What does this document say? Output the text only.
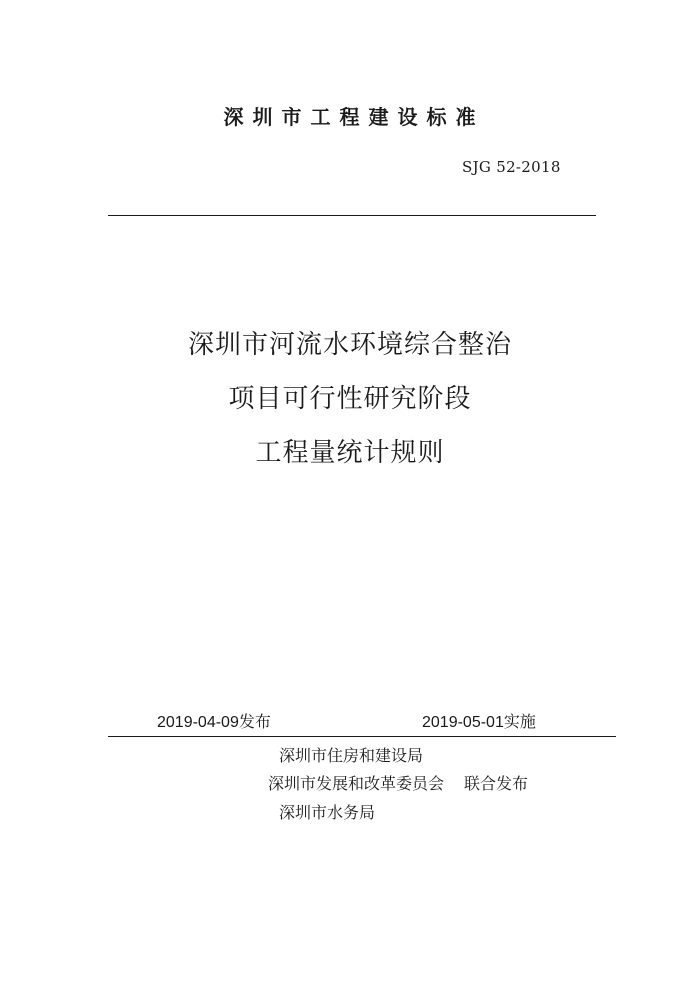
深圳市工程建设标准
SJG 52-2018
深圳市河流水环境综合整治
项目可行性研究阶段
工程量统计规则
2019-04-09发布	2019-05-01实施
深圳市住房和建设局
深圳市发展和改革委员会 联合发布
深圳市水务局
